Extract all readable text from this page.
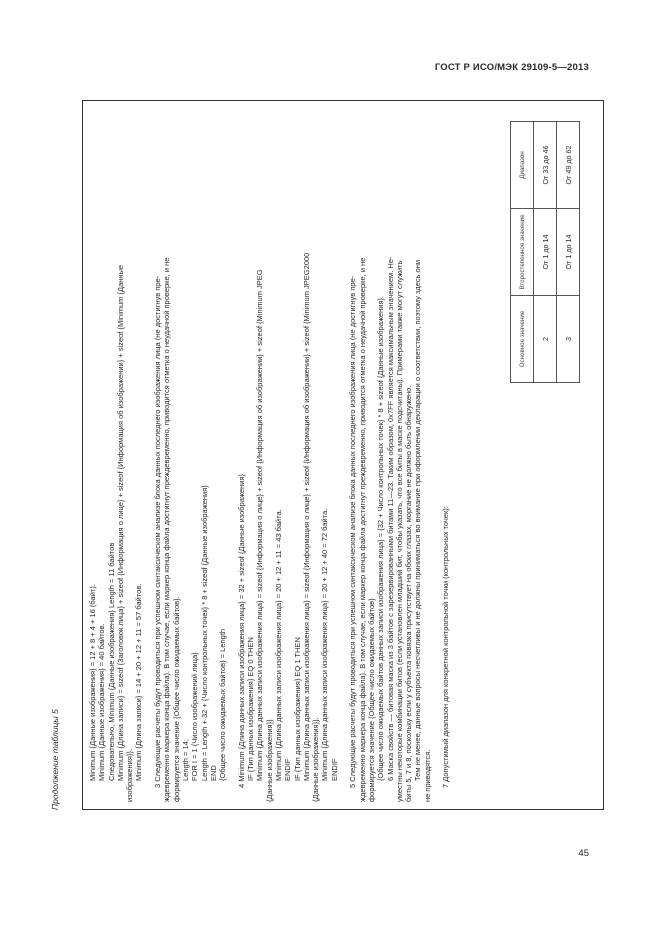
ГОСТ Р ИСО/МЭК 29109-5—2013
Продолжение таблицы 5	Minimum {Данные изображения} = 12 + 8 + 4 + 16 (байт). Minimum {Данные изображения} = 40 байтов. Следовательно, Minimum {Данные изображения} Length = 11 байтов Minimum {Длина записи} = sizeof {Заголовок лица} + sizeof {Информация о лице} + sizeof {Информация об изображении} + sizeof {Minimum {Данные изображения}}. Minimum {Длина записи} = 14 + 20 + 12 + 11 = 57 байтов. 3 Следующие расчеты будут проводиться при успешном синтаксическом анализе блока данных последнего изображения лица (не достигнув пре- ждевременно маркера конца файла). В том случае, если маркер конца файла достигнут преждевременно, приводится отметка о неудачной проверке, и не формируется значение {Общее число ожидаемых байтов}. Length = 14; FOR I = 1 {Число изображений лица} Length = Length + 32 + {Число контрольных точек} * 8 + sizeof {Данные изображения} END {Общее число ожидаемых байтов} = Length 4 Minimum {Длина данных записи изображения лица} = 32 + sizeof {Данные изображения} IF {Тип данных изображения} EQ 0 THEN Minimum {Длина данных записи изображения лица} = sizeof {Информация о лице} + sizeof {Информация об изображении} + sizeof {Minimum JPEG {Данные изображения}} Minimum {Длина данных записи изображения лица} = 20 + 12 + 11 = 43 байта. ENDIF IF {Тип данных изображения} EQ 1 THEN Minimum {Длина данных записи изображения лица} = sizeof {Информация о лице} + sizeof {Информация об изображении} + sizeof {Minimum JPEG2000 {Данные изображения}}. Minimum {Длина данных записи изображения лица} = 20 + 12 + 40 = 72 байта. ENDIF 5 Следующие расчеты будут проводиться при успешном синтаксическом анализе блока данных последнего изображения лица (не достигнув пре- ждевременно маркера конца файла). В том случае, если маркер конца файла достигнут преждевременно, приводится отметка о неудачной проверке, и не формируется значение {Общее число ожидаемых байтов} {Общее число ожидаемых байтов данных записи изображения лица} = {32 + Число контрольных точек} * 8 + sizeof {Данные изображения}. 6 Маска свойств — битовая маска из 3 байтов с зарезервированными битами 11—23. Таким образом, 0x7FF является максимальным значением. Не- уместны некоторые комбинации битов (если установлен младший бит, чтобы указать, что все биты в маске подсчитаны). Примерами также могут служить биты 5, 7 и 8, поскольку если у субъекта повязка присутствует на обоих глазах, моргание не должно быть обнаружено. Тем не менее, данные вопросы несчетливы и не должны приниматься во внимание при оформлении декларации о соответствии, поэтому здесь они не приводятся. 7 Допустимый диапазон для конкретной контрольной точки (контрольных точек):
Основное значение	Второстепенное значение	Диапазон
2	От 1 до 14	От 33 до 46
3	От 1 до 14	От 49 до 62
45
